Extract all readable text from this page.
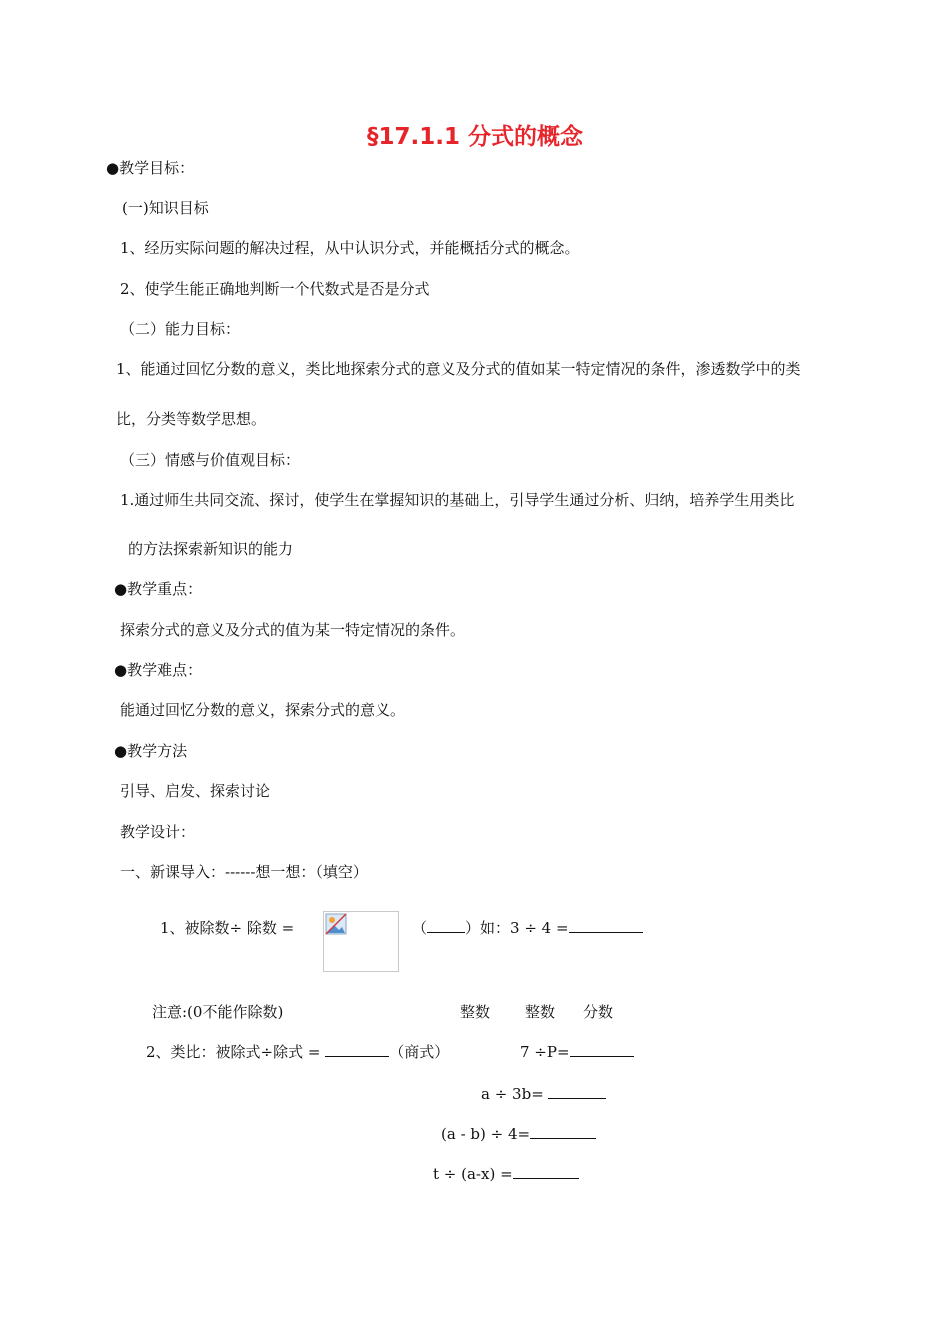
§17.1.1 分式的概念
●教学目标：
(一)知识目标
1、经历实际问题的解决过程，从中认识分式，并能概括分式的概念。
2、使学生能正确地判断一个代数式是否是分式
（二）能力目标：
1、能通过回忆分数的意义，类比地探索分式的意义及分式的值如某一特定情况的条件，渗透数学中的类
比，分类等数学思想。
（三）情感与价值观目标：
1.通过师生共同交流、探讨，使学生在掌握知识的基础上，引导学生通过分析、归纳，培养学生用类比
的方法探索新知识的能力
●教学重点：
探索分式的意义及分式的值为某一特定情况的条件。
●教学难点：
能通过回忆分数的意义，探索分式的意义。
●教学方法
引导、启发、探索讨论
教学设计：
一、新课导入：------想一想：（填空）
1、被除数÷ 除数 =	（	）如：3 ÷ 4 =
注意:(0不能作除数)	整数 整数 分数
2、类比：被除式÷除式 =	（商式）	7 ÷P=
a ÷ 3b=
(a - b) ÷ 4=
t ÷ (a-x) =
